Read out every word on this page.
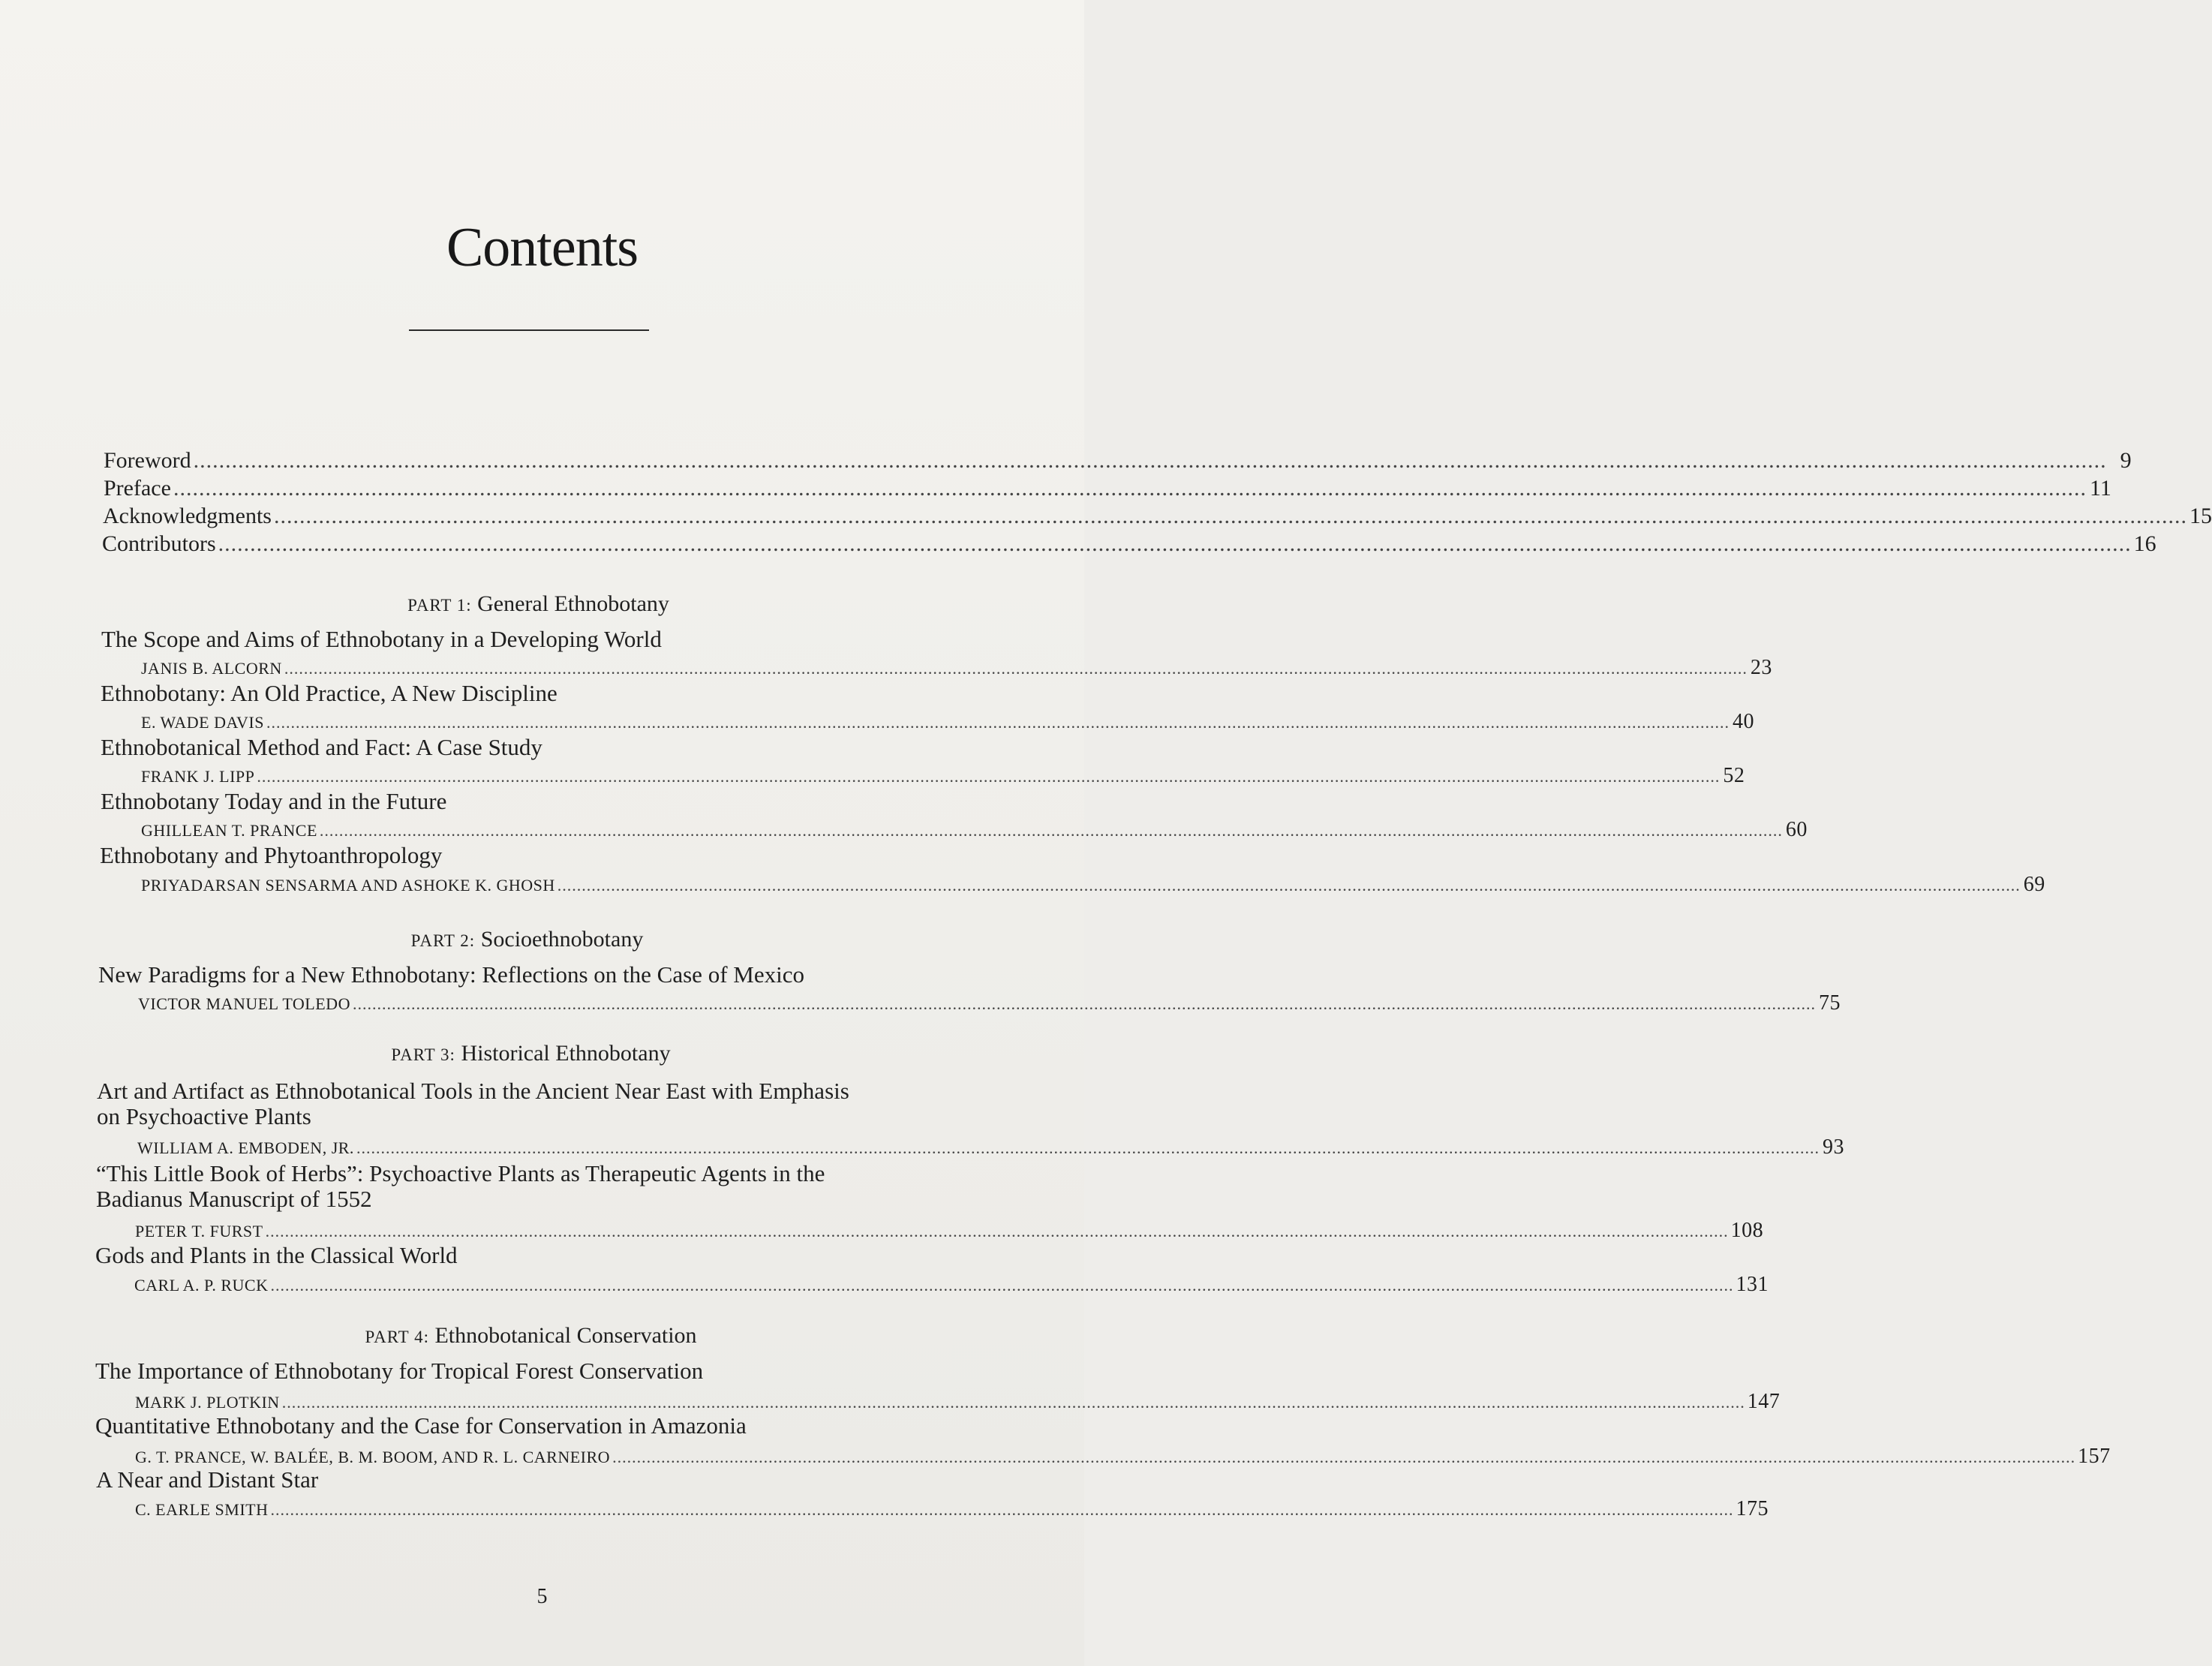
Contents
Foreword ............................................................................................................................................................................................................................................................................................................ 9
Preface ............................................................................................................................................................................................................................................................................................................ 11
Acknowledgments ............................................................................................................................................................................................................................................................................................................ 15
Contributors ............................................................................................................................................................................................................................................................................................................ 16
PART 1: General Ethnobotany
The Scope and Aims of Ethnobotany in a Developing World
JANIS B. ALCORN ............................................................................................................................................................................................................................................................................................................ 23
Ethnobotany: An Old Practice, A New Discipline
E. WADE DAVIS ............................................................................................................................................................................................................................................................................................................ 40
Ethnobotanical Method and Fact: A Case Study
FRANK J. LIPP ............................................................................................................................................................................................................................................................................................................ 52
Ethnobotany Today and in the Future
GHILLEAN T. PRANCE ............................................................................................................................................................................................................................................................................................................ 60
Ethnobotany and Phytoanthropology
PRIYADARSAN SENSARMA AND ASHOKE K. GHOSH ............................................................................................................................................................................................................................................................................................................ 69
PART 2: Socioethnobotany
New Paradigms for a New Ethnobotany: Reflections on the Case of Mexico
VICTOR MANUEL TOLEDO ............................................................................................................................................................................................................................................................................................................ 75
PART 3: Historical Ethnobotany
Art and Artifact as Ethnobotanical Tools in the Ancient Near East with Emphasis
on Psychoactive Plants
WILLIAM A. EMBODEN, JR. ............................................................................................................................................................................................................................................................................................................ 93
“This Little Book of Herbs”: Psychoactive Plants as Therapeutic Agents in the
Badianus Manuscript of 1552
PETER T. FURST ............................................................................................................................................................................................................................................................................................................ 108
Gods and Plants in the Classical World
CARL A. P. RUCK ............................................................................................................................................................................................................................................................................................................ 131
PART 4: Ethnobotanical Conservation
The Importance of Ethnobotany for Tropical Forest Conservation
MARK J. PLOTKIN ............................................................................................................................................................................................................................................................................................................ 147
Quantitative Ethnobotany and the Case for Conservation in Amazonia
G. T. PRANCE, W. BALÉE, B. M. BOOM, AND R. L. CARNEIRO ............................................................................................................................................................................................................................................................................................................ 157
A Near and Distant Star
C. EARLE SMITH ............................................................................................................................................................................................................................................................................................................ 175
5
